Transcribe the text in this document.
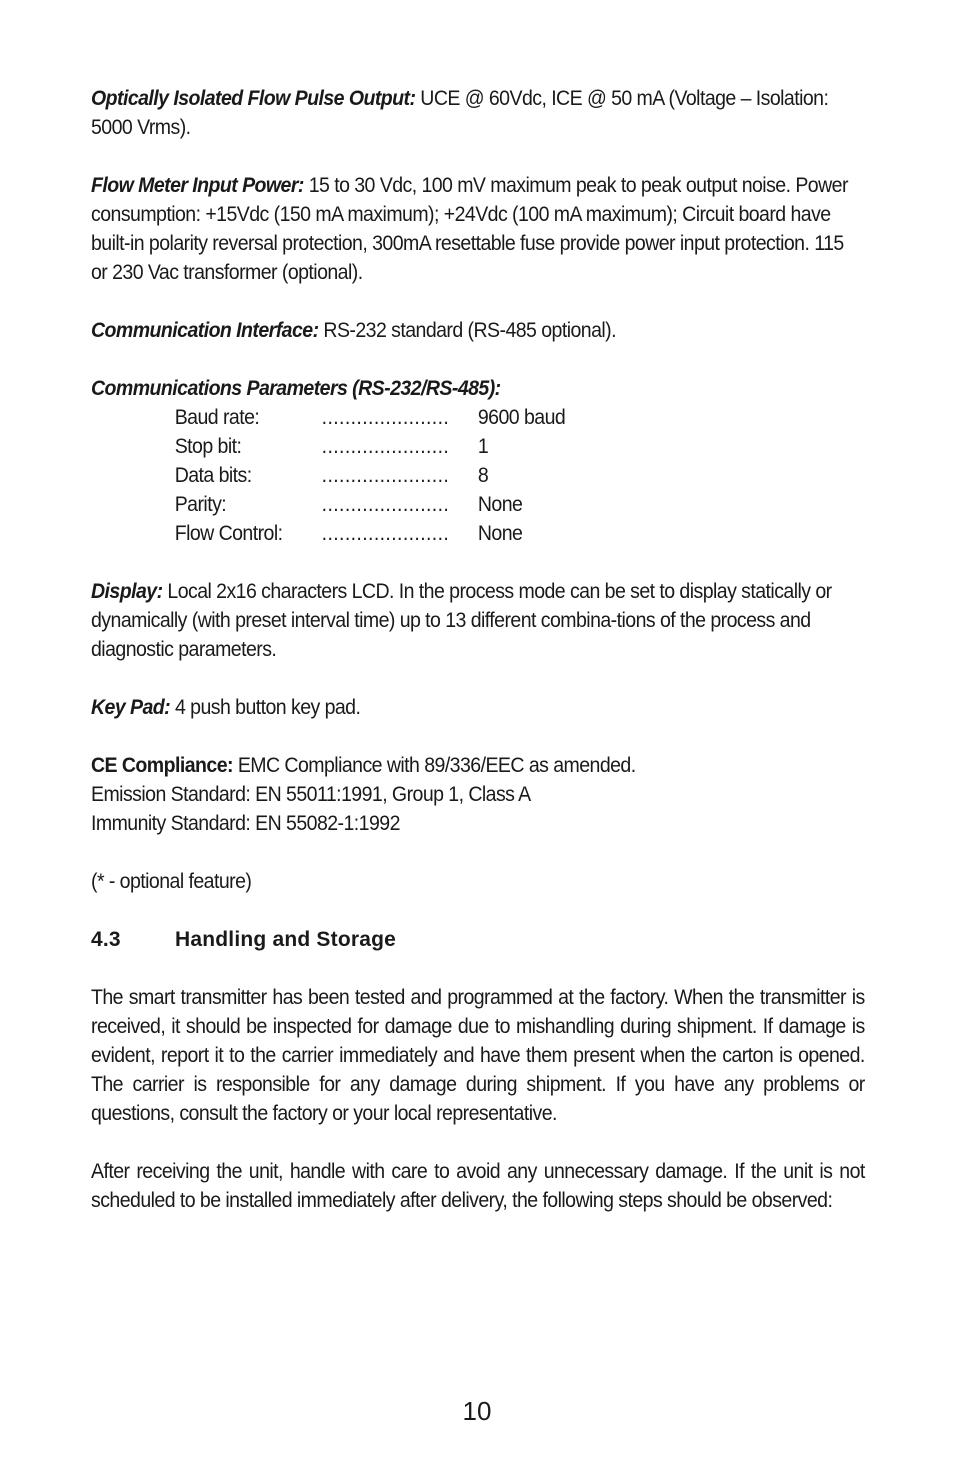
Optically Isolated Flow Pulse Output: UCE @ 60Vdc, ICE @ 50 mA (Voltage – Isolation: 5000 Vrms).

Flow Meter Input Power: 15 to 30 Vdc, 100 mV maximum peak to peak output noise. Power consumption: +15Vdc (150 mA maximum); +24Vdc (100 mA maximum); Circuit board have built-in polarity reversal protection, 300mA resettable fuse provide power input protection. 115 or 230 Vac transformer (optional).

Communication Interface: RS-232 standard (RS-485 optional).

Communications Parameters (RS-232/RS-485):
Baud rate:	......................	9600 baud
Stop bit:	......................	1
Data bits:	......................	8
Parity:	......................	None
Flow Control:	......................	None

Display: Local 2x16 characters LCD. In the process mode can be set to display statically or dynamically (with preset interval time) up to 13 different combina-tions of the process and diagnostic parameters.

Key Pad: 4 push button key pad.

CE Compliance: EMC Compliance with 89/336/EEC as amended.
Emission Standard: EN 55011:1991, Group 1, Class A
Immunity Standard: EN 55082-1:1992

(* - optional feature)

4.3	Handling and Storage

The smart transmitter has been tested and programmed at the factory. When the transmitter is received, it should be inspected for damage due to mishandling during shipment. If damage is evident, report it to the carrier immediately and have them present when the carton is opened. The carrier is responsible for any damage during shipment. If you have any problems or questions, consult the factory or your local representative.

After receiving the unit, handle with care to avoid any unnecessary damage. If the unit is not scheduled to be installed immediately after delivery, the following steps should be observed:

10
